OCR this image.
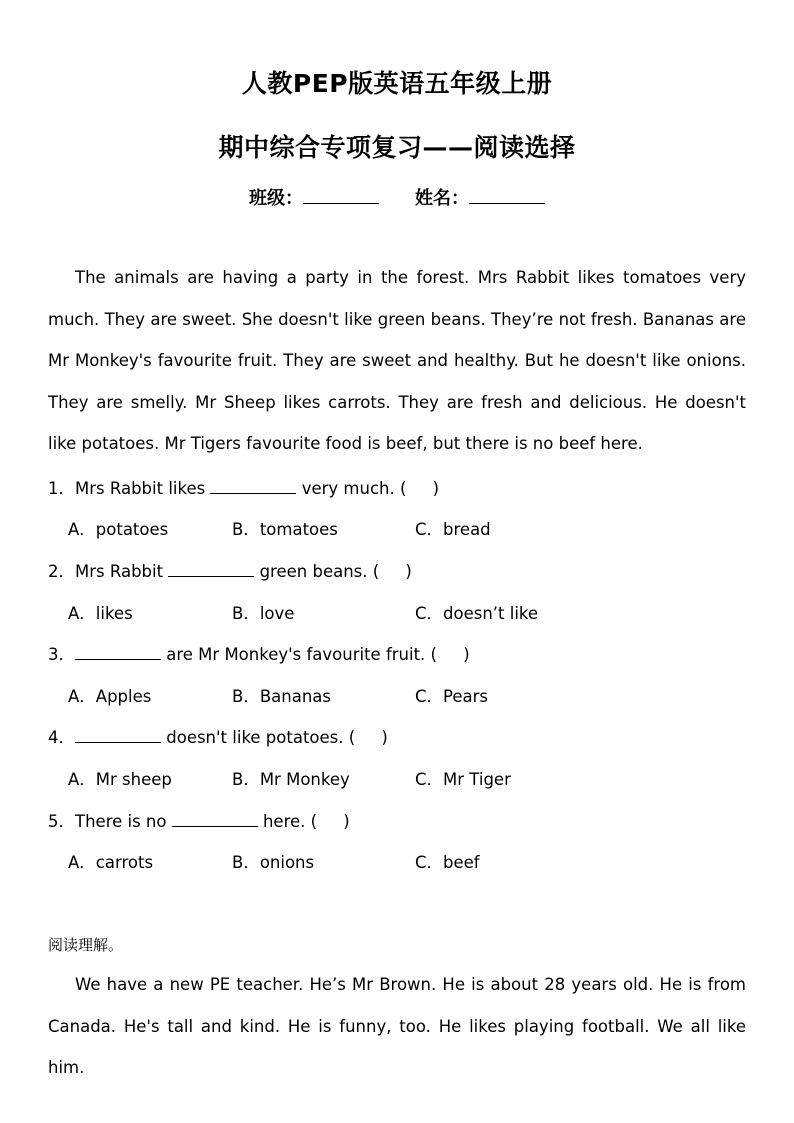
人教PEP版英语五年级上册
期中综合专项复习——阅读选择
班级：	姓名：
The animals are having a party in the forest. Mrs Rabbit likes tomatoes very much. They are sweet. She doesn't like green beans. They’re not fresh. Bananas are Mr Monkey's favourite fruit. They are sweet and healthy. But he doesn't like onions. They are smelly. Mr Sheep likes carrots. They are fresh and delicious. He doesn't like potatoes. Mr Tigers favourite food is beef, but there is no beef here.
1．Mrs Rabbit likes	very much. (     )
A．potatoes	B．tomatoes	C．bread
2．Mrs Rabbit	green beans. (     )
A．likes	B．love	C．doesn’t like
3．	are Mr Monkey's favourite fruit. (     )
A．Apples	B．Bananas	C．Pears
4．	doesn't like potatoes. (     )
A．Mr sheep	B．Mr Monkey	C．Mr Tiger
5．There is no	here. (     )
A．carrots	B．onions	C．beef
阅读理解。
We have a new PE teacher. He’s Mr Brown. He is about 28 years old. He is from Canada. He's tall and kind. He is funny, too. He likes playing football. We all like him.
